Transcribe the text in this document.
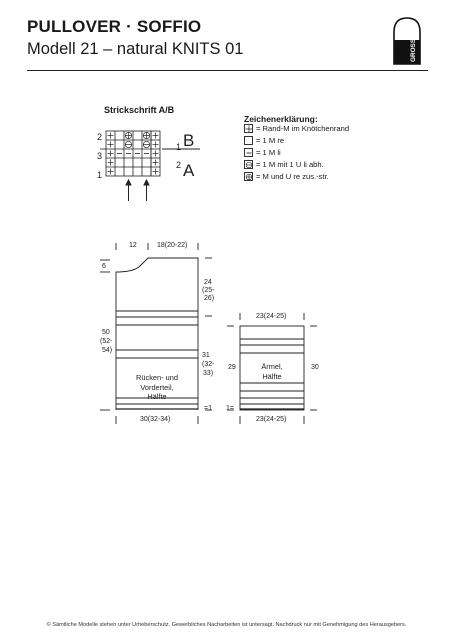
PULLOVER · SOFFIO
Modell 21 – natural KNITS 01	LANA GROSSA
Strickschrift A/B
2
3
1
1
2
B
A
Zeichenerklärung:
= Rand-M im Knötchenrand
= 1 M re
= 1 M li
= 1 M mit 1 U li abh.
= M und U re zus.-str.
12	18(20-22)
6
24
(25-
26)
50
(52-
54)
31
(32-
33)
Rücken- und
Vorderteil,
Hälfte
=1
30(32-34)
23(24-25)
29	30
Ärmel,
Hälfte
1=
23(24-25)
© Sämtliche Modelle stehen unter Urheberschutz. Gewerbliches Nacharbeiten ist untersagt. Nachdruck nur mit Genehmigung des Herausgebers.
